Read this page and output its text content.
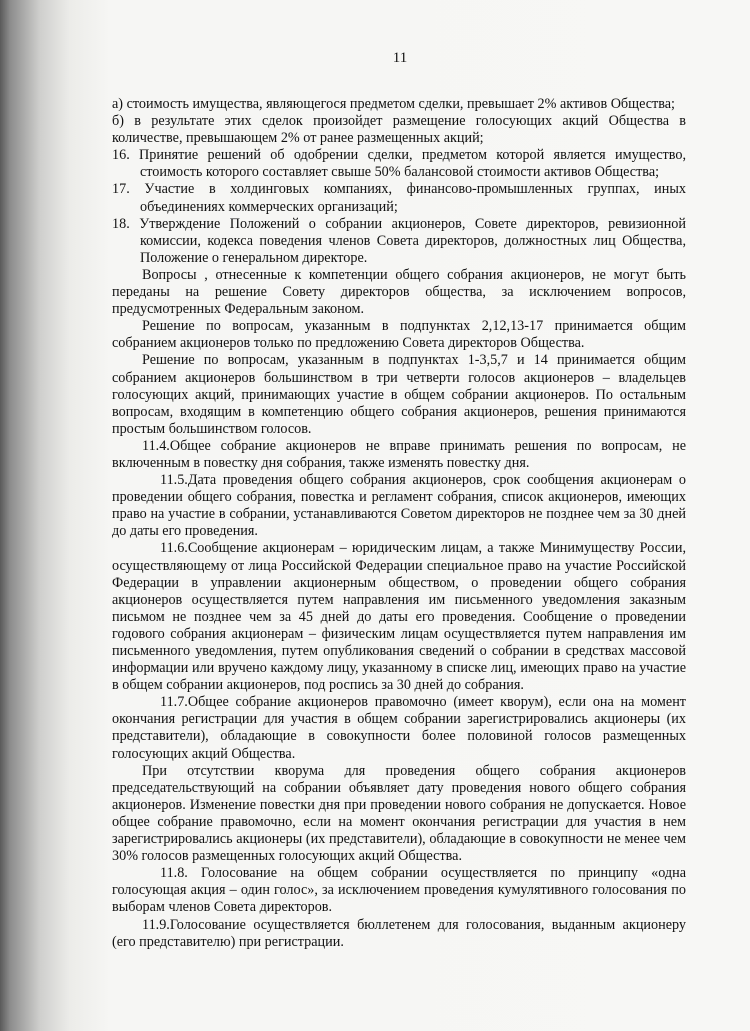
11

а) стоимость имущества, являющегося предметом сделки, превышает 2% активов Общества;

б) в результате этих сделок произойдет размещение голосующих акций Общества в количестве, превышающем 2% от ранее размещенных акций;

16. Принятие решений об одобрении сделки, предметом которой является имущество, стоимость которого составляет свыше 50% балансовой стоимости активов Общества;

17. Участие в холдинговых компаниях, финансово-промышленных группах, иных объединениях коммерческих организаций;

18. Утверждение Положений о собрании акционеров, Совете директоров, ревизионной комиссии, кодекса поведения членов Совета директоров, должностных лиц Общества, Положение о генеральном директоре.

Вопросы , отнесенные к компетенции общего собрания акционеров, не могут быть переданы на решение Совету директоров общества, за исключением вопросов, предусмотренных Федеральным законом.

Решение по вопросам, указанным в подпунктах 2,12,13-17 принимается общим собранием акционеров только по предложению Совета директоров Общества.

Решение по вопросам, указанным в подпунктах 1-3,5,7 и 14 принимается общим собранием акционеров большинством в три четверти голосов акционеров – владельцев голосующих акций, принимающих участие в общем собрании акционеров. По остальным вопросам, входящим в компетенцию общего собрания акционеров, решения принимаются простым большинством голосов.

11.4.Общее собрание акционеров не вправе принимать решения по вопросам, не включенным в повестку дня собрания, также изменять повестку дня.

11.5.Дата проведения общего собрания акционеров, срок сообщения акционерам о проведении общего собрания, повестка и регламент собрания, список акционеров, имеющих право на участие в собрании, устанавливаются Советом директоров не позднее чем за 30 дней до даты его проведения.

11.6.Сообщение акционерам – юридическим лицам, а также Минимуществу России, осуществляющему от лица Российской Федерации специальное право на участие Российской Федерации в управлении акционерным обществом, о проведении общего собрания акционеров осуществляется путем направления им письменного уведомления заказным письмом не позднее чем за 45 дней до даты его проведения. Сообщение о проведении годового собрания акционерам – физическим лицам осуществляется путем направления им письменного уведомления, путем опубликования сведений о собрании в средствах массовой информации или вручено каждому лицу, указанному в списке лиц, имеющих право на участие в общем собрании акционеров, под роспись за 30 дней до собрания.

11.7.Общее собрание акционеров правомочно (имеет кворум), если она на момент окончания регистрации для участия в общем собрании зарегистрировались акционеры (их представители), обладающие в совокупности более половиной голосов размещенных голосующих акций Общества.

При отсутствии кворума для проведения общего собрания акционеров председательствующий на собрании объявляет дату проведения нового общего собрания акционеров. Изменение повестки дня при проведении нового собрания не допускается. Новое общее собрание правомочно, если на момент окончания регистрации для участия в нем зарегистрировались акционеры (их представители), обладающие в совокупности не менее чем 30% голосов размещенных голосующих акций Общества.

11.8. Голосование на общем собрании осуществляется по принципу «одна голосующая акция – один голос», за исключением проведения кумулятивного голосования по выборам членов Совета директоров.

11.9.Голосование осуществляется бюллетенем для голосования, выданным акционеру (его представителю) при регистрации.
